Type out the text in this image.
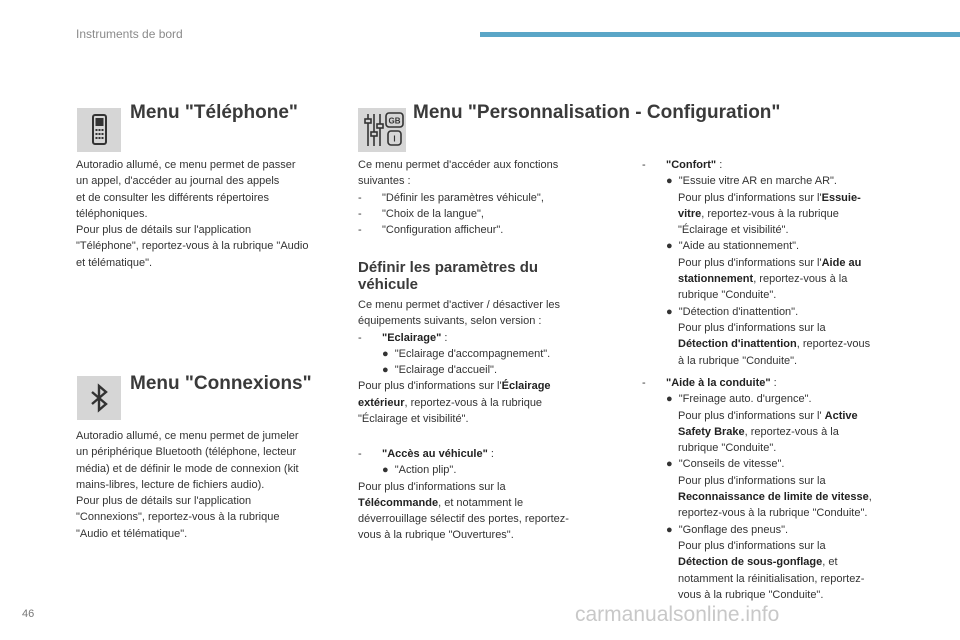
Instruments de bord
Menu "Téléphone"

Autoradio allumé, ce menu permet de passer

un appel, d'accéder au journal des appels

et de consulter les différents répertoires

téléphoniques.

Pour plus de détails sur l'application

"Téléphone", reportez-vous à la rubrique "Audio

et télématique".

Menu "Connexions"

Autoradio allumé, ce menu permet de jumeler

un périphérique Bluetooth (téléphone, lecteur

média) et de définir le mode de connexion (kit

mains-libres, lecture de fichiers audio).

Pour plus de détails sur l'application

"Connexions", reportez-vous à la rubrique

"Audio et télématique".

GB
I
Menu "Personnalisation - Configuration"

Ce menu permet d'accéder aux fonctions

suivantes :

- "Définir les paramètres véhicule",

- "Choix de la langue",

- "Configuration afficheur".

Définir les paramètres du
véhicule

Ce menu permet d'activer / désactiver les

équipements suivants, selon version :

- "Eclairage" :

●  "Eclairage d'accompagnement".

●  "Eclairage d'accueil".

Pour plus d'informations sur l'Éclairage

extérieur, reportez-vous à la rubrique

"Éclairage et visibilité".

- "Accès au véhicule" :

●  "Action plip".

Pour plus d'informations sur la

Télécommande, et notamment le

déverrouillage sélectif des portes, reportez-

vous à la rubrique "Ouvertures".

- "Confort" :

●  "Essuie vitre AR en marche AR".

Pour plus d'informations sur l'Essuie-

vitre, reportez-vous à la rubrique

"Éclairage et visibilité".

●  "Aide au stationnement".

Pour plus d'informations sur l'Aide au

stationnement, reportez-vous à la

rubrique "Conduite".

●  "Détection d'inattention".

Pour plus d'informations sur la

Détection d'inattention, reportez-vous

à la rubrique "Conduite".

- "Aide à la conduite" :

●  "Freinage auto. d'urgence".

Pour plus d'informations sur l' Active

Safety Brake, reportez-vous à la

rubrique "Conduite".

●  "Conseils de vitesse".

Pour plus d'informations sur la

Reconnaissance de limite de vitesse,

reportez-vous à la rubrique "Conduite".

●  "Gonflage des pneus".

Pour plus d'informations sur la

Détection de sous-gonflage, et

notamment la réinitialisation, reportez-

vous à la rubrique "Conduite".

46	carmanualsonline.info
